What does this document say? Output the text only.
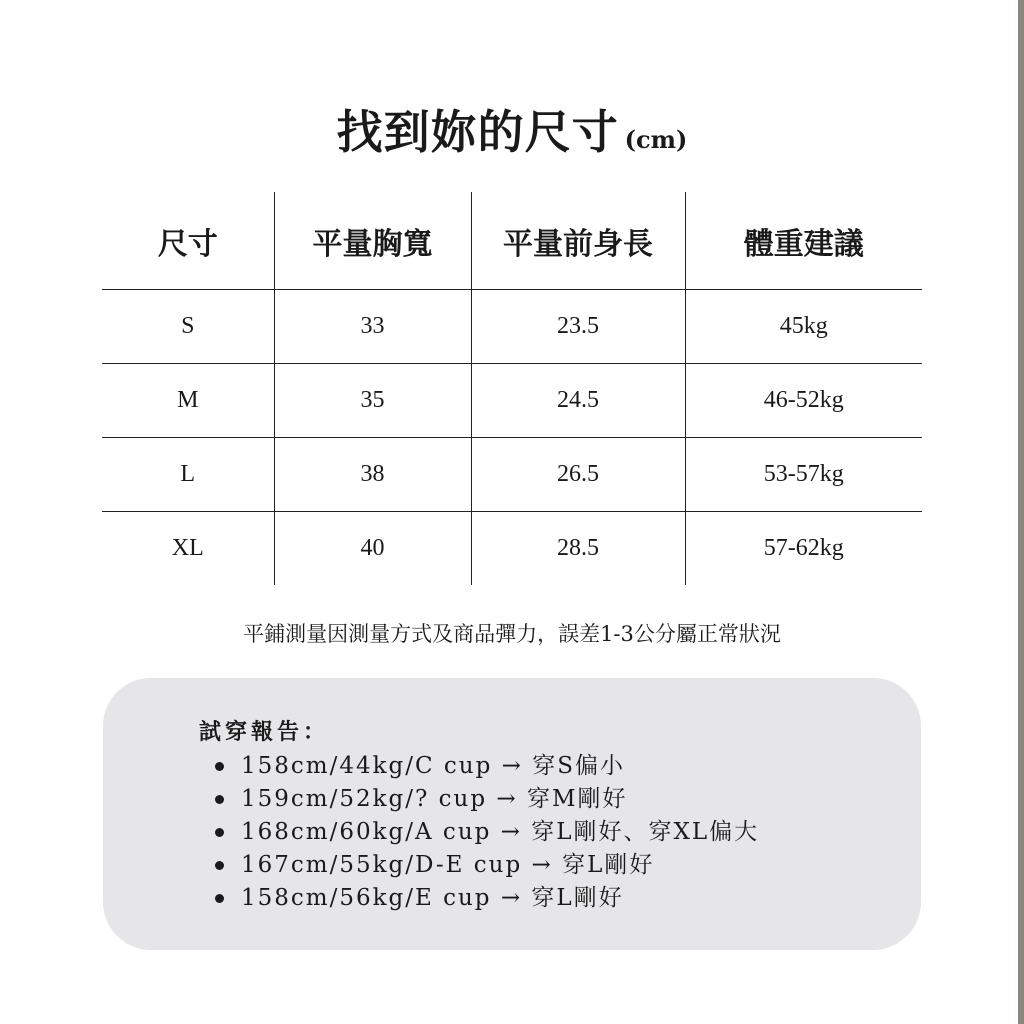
找到妳的尺寸 (cm)
尺寸	平量胸寬	平量前身長	體重建議
S	33	23.5	45kg
M	35	24.5	46-52kg
L	38	26.5	53-57kg
XL	40	28.5	57-62kg
平鋪測量因測量方式及商品彈力，誤差1-3公分屬正常狀況
試穿報告：
158cm/44kg/C cup → 穿S偏小
159cm/52kg/? cup → 穿M剛好
168cm/60kg/A cup → 穿L剛好、穿XL偏大
167cm/55kg/D-E cup → 穿L剛好
158cm/56kg/E cup → 穿L剛好
